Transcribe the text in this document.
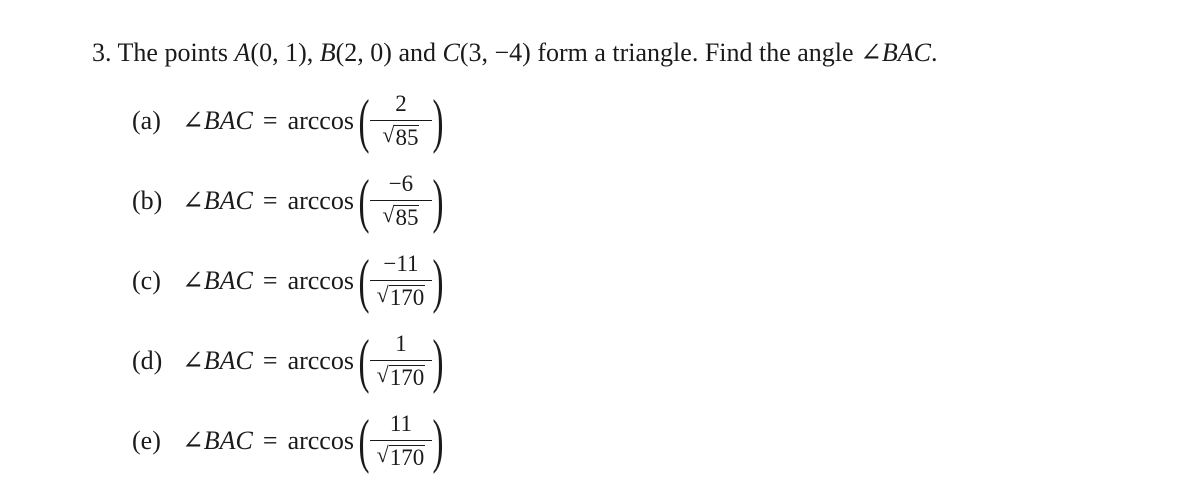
3. The points A(0, 1), B(2, 0) and C(3, −4) form a triangle. Find the angle ∠BAC.
(a) ∠BAC = arccos ( $\frac{2}{√ 85}$ )
(b) ∠BAC = arccos ( $\frac{-6}{√ 85}$ )
(c) ∠BAC = arccos ( $\frac{-11}{√ 170}$ )
(d) ∠BAC = arccos ( $\frac{1}{√ 170}$ )
(e) ∠BAC = arccos ( $\frac{11}{√ 170}$ )
